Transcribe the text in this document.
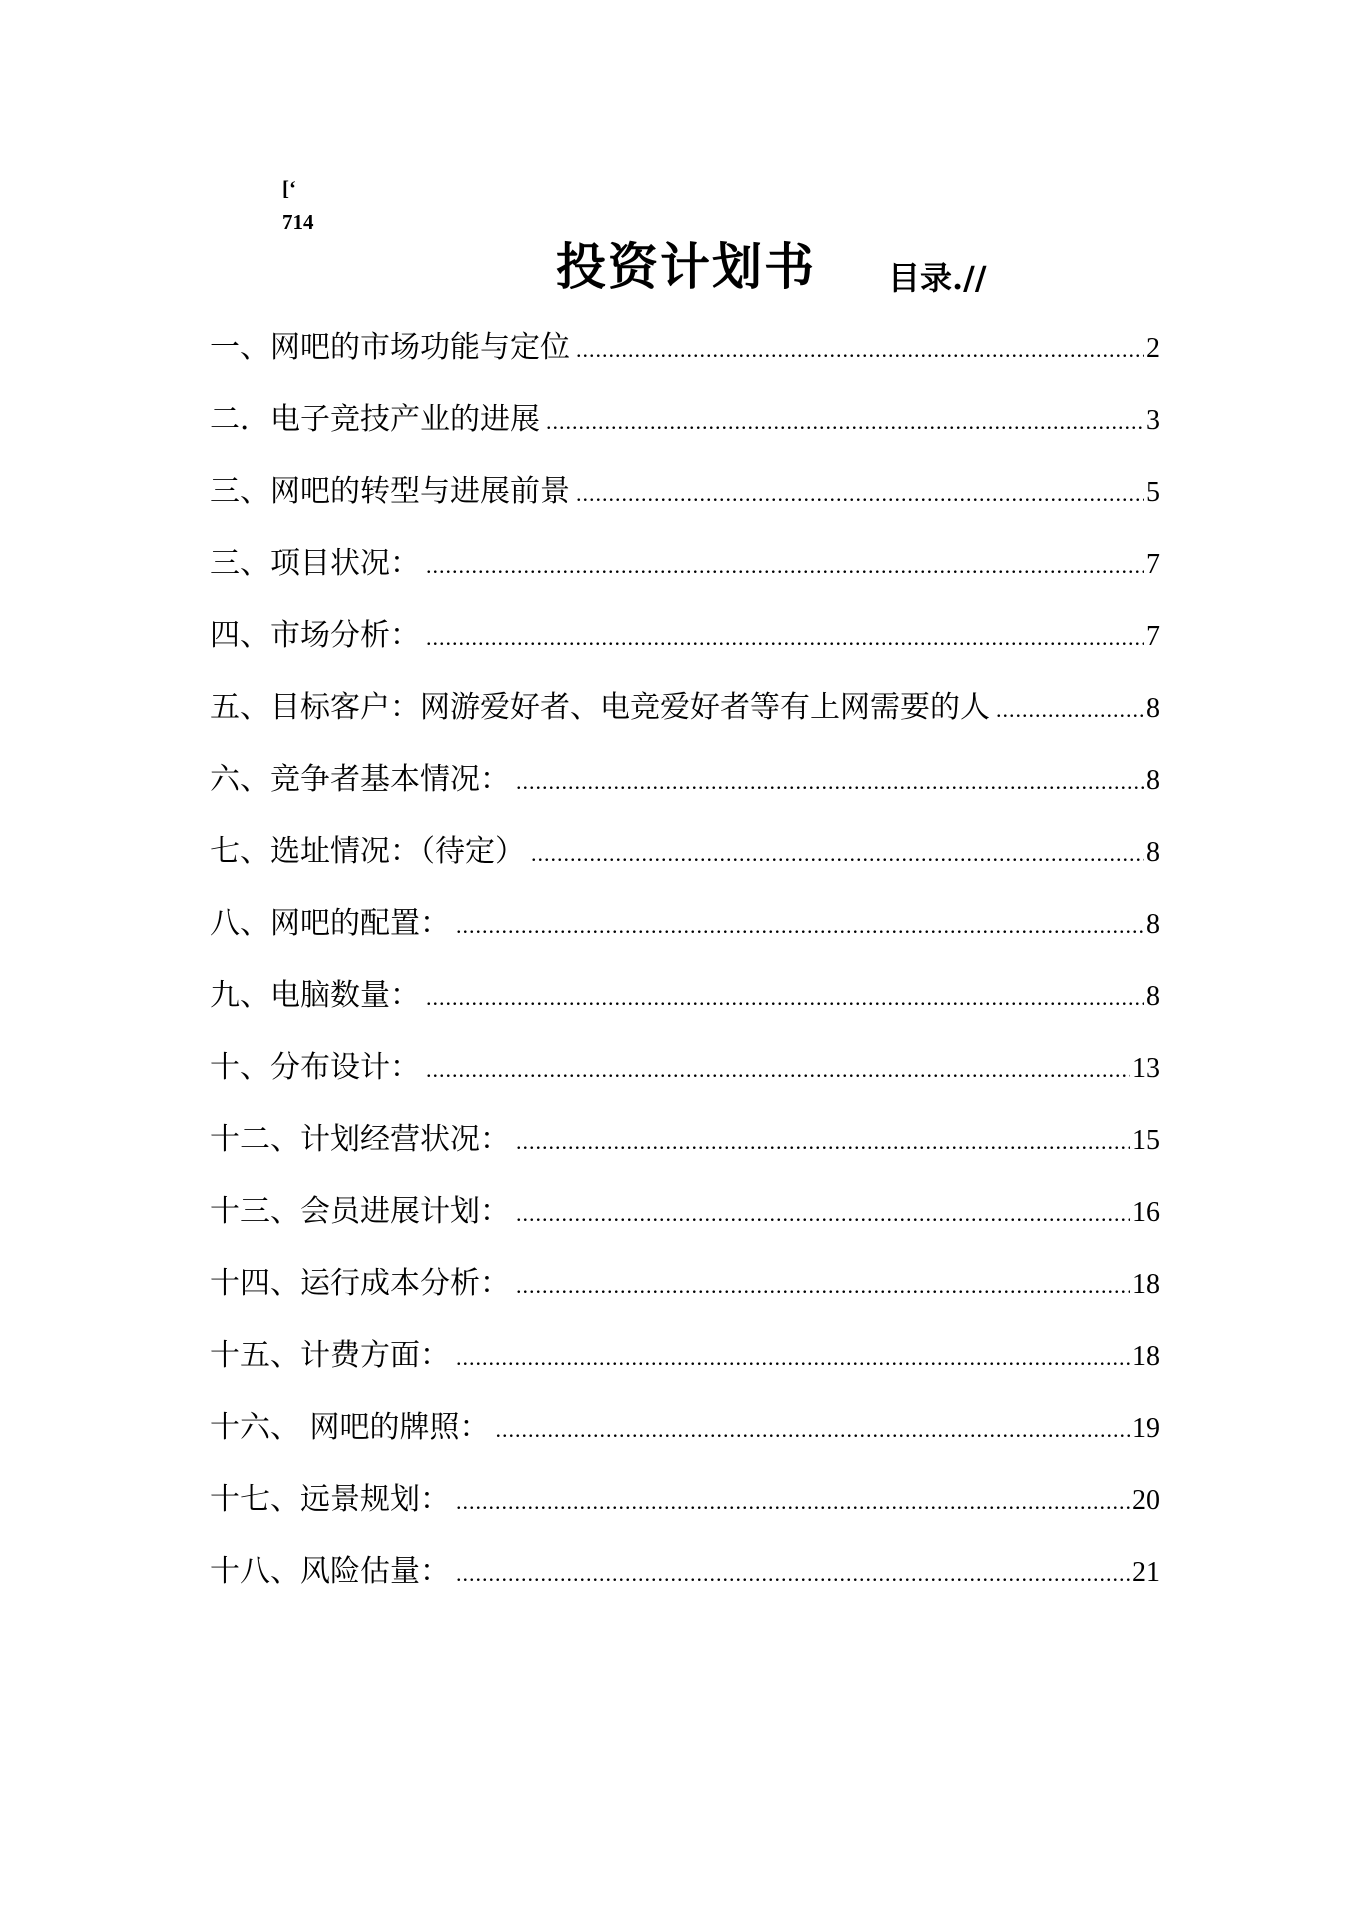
[‘

714

投资计划书 目录.//
一、网吧的市场功能与定位 .....	2
二．电子竞技产业的进展 .....	3
三、网吧的转型与进展前景 .....	5
三、项目状况： .....	7
四、市场分析： .....	7
五、目标客户：网游爱好者、电竞爱好者等有上网需要的人 .....	8
六、竞争者基本情况： .....	8
七、选址情况：（待定） .....	8
八、网吧的配置： .....	8
九、电脑数量： .....	8
十、分布设计： .....	13
十二、计划经营状况： .....	15
十三、会员进展计划： .....	16
十四、运行成本分析： .....	18
十五、计费方面： .....	18
十六、 网吧的牌照： .....	19
十七、远景规划： .....	20
十八、风险估量： .....	21
